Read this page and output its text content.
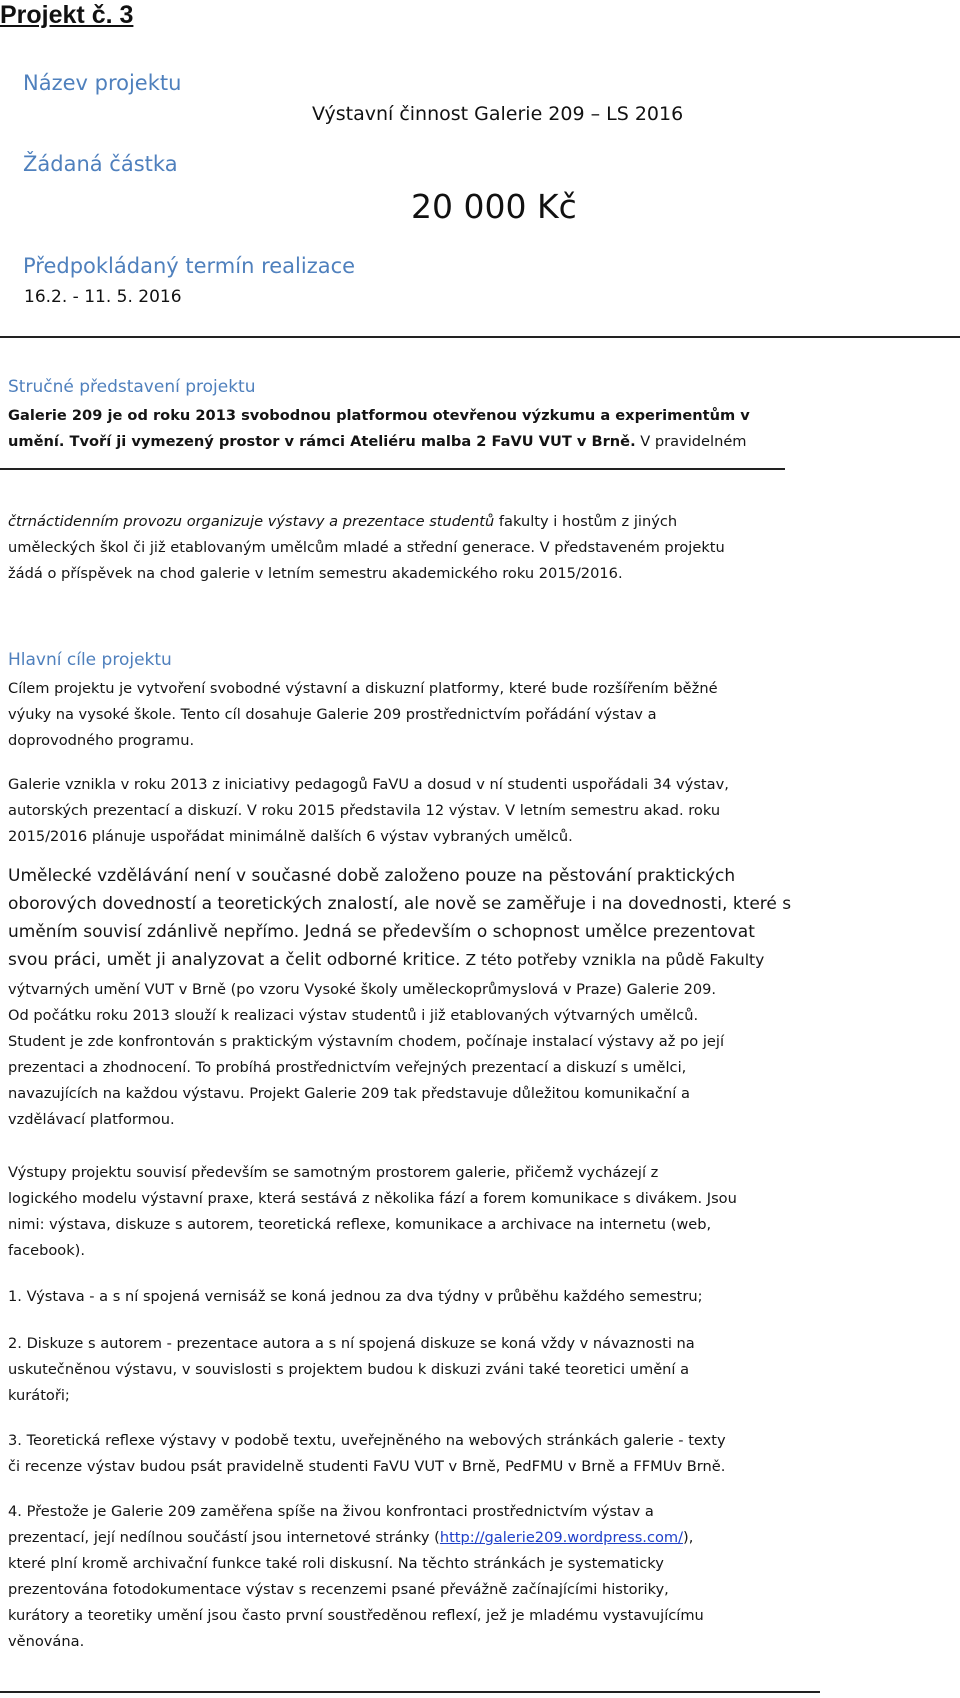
Projekt č. 3
Název projektu
Výstavní činnost Galerie 209 – LS 2016
Žádaná částka
20 000 Kč
Předpokládaný termín realizace
16.2. - 11. 5. 2016
Stručné představení projektu

Galerie 209 je od roku 2013 svobodnou platformou otevřenou výzkumu a experimentům v

umění. Tvoří ji vymezený prostor v rámci Ateliéru malba 2 FaVU VUT v Brně. V pravidelném

čtrnáctidenním provozu organizuje výstavy a prezentace studentů fakulty i hostům z jiných

uměleckých škol či již etablovaným umělcům mladé a střední generace. V představeném projektu

žádá o příspěvek na chod galerie v letním semestru akademického roku 2015/2016.

Hlavní cíle projektu

Cílem projektu je vytvoření svobodné výstavní a diskuzní platformy, které bude rozšířením běžné

výuky na vysoké škole. Tento cíl dosahuje Galerie 209 prostřednictvím pořádání výstav a

doprovodného programu.

Galerie vznikla v roku 2013 z iniciativy pedagogů FaVU a dosud v ní studenti uspořádali 34 výstav,

autorských prezentací a diskuzí. V roku 2015 představila 12 výstav. V letním semestru akad. roku

2015/2016 plánuje uspořádat minimálně dalších 6 výstav vybraných umělců.

Umělecké vzdělávání není v současné době založeno pouze na pěstování praktických

oborových dovedností a teoretických znalostí, ale nově se zaměřuje i na dovednosti, které s

uměním souvisí zdánlivě nepřímo. Jedná se především o schopnost umělce prezentovat

svou práci, umět ji analyzovat a čelit odborné kritice. Z této potřeby vznikla na půdě Fakulty

výtvarných umění VUT v Brně (po vzoru Vysoké školy uměleckoprůmyslová v Praze) Galerie 209.

Od počátku roku 2013 slouží k realizaci výstav studentů i již etablovaných výtvarných umělců.

Student je zde konfrontován s praktickým výstavním chodem, počínaje instalací výstavy až po její

prezentaci a zhodnocení. To probíhá prostřednictvím veřejných prezentací a diskuzí s umělci,

navazujících na každou výstavu. Projekt Galerie 209 tak představuje důležitou komunikační a

vzdělávací platformou.

Výstupy projektu souvisí především se samotným prostorem galerie, přičemž vycházejí z

logického modelu výstavní praxe, která sestává z několika fází a forem komunikace s divákem. Jsou

nimi: výstava, diskuze s autorem, teoretická reflexe, komunikace a archivace na internetu (web,

facebook).

1. Výstava - a s ní spojená vernisáž se koná jednou za dva týdny v průběhu každého semestru;

2. Diskuze s autorem - prezentace autora a s ní spojená diskuze se koná vždy v návaznosti na

uskutečněnou výstavu, v souvislosti s projektem budou k diskuzi zváni také teoretici umění a

kurátoři;

3. Teoretická reflexe výstavy v podobě textu, uveřejněného na webových stránkách galerie - texty

či recenze výstav budou psát pravidelně studenti FaVU VUT v Brně, PedFMU v Brně a FFMUv Brně.

4. Přestože je Galerie 209 zaměřena spíše na živou konfrontaci prostřednictvím výstav a

prezentací, její nedílnou součástí jsou internetové stránky (http://galerie209.wordpress.com/),

které plní kromě archivační funkce také roli diskusní. Na těchto stránkách je systematicky

prezentována fotodokumentace výstav s recenzemi psané převážně začínajícími historiky,

kurátory a teoretiky umění jsou často první soustředěnou reflexí, jež je mladému vystavujícímu

věnována.
